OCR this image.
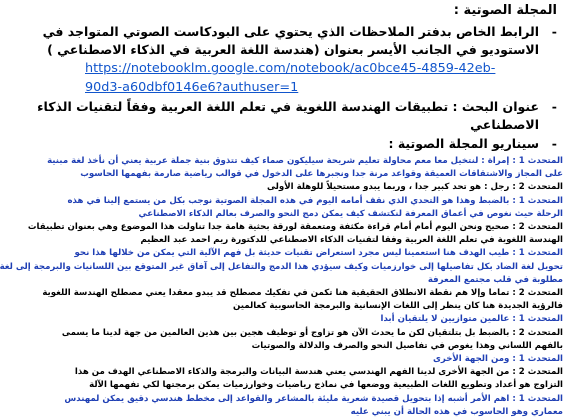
المجلة الصوتية :
-
الرابط الخاص بدفتر الملاحظات الذي يحتوي على البودكاست الصوتي المتواجد في
الاستوديو في الجانب الأيسر بعنوان (هندسة اللغة العربية في الذكاء الاصطناعي )
https://notebooklm.google.com/notebook/ac0bce45-4859-42eb-
90d3-a60dbf0146e6?authuser=1
-
عنوان البحث : تطبيقات الهندسة اللغوية في تعلم اللغة العربية وفقاً لتقنيات الذكاء
الاصطناعي
-
سيناريو المجلة الصوتية :
المتحدث 1 : إمراة : لنتخيل معا معم محاولة تعليم شريحة سيليكون صماء كيف تتذوق بنية جملة عربية يعني أن نأخذ لغة مبنية
على المجاز والاشتقاقات العميقة وقواعد مرنة جدا ونجبرها على الدخول في قوالب رياضية صارمة بفهمها الحاسوب
المتحدث 2 : رجل : هو تحد كبير جدا ، وربما يبدو مستحيلاً للوهلة الأولى
المتحدث 1 : بالضبط وهذا هو التحدي الذي نقف أمامه اليوم في هذه المجلة الصوتية نوجب بكل من يستمع إلينا في هذه
الرحلة حيث نغوص في أعماق المعرفة لنكتشف كيف يمكن دمج النحو والصرف بعالم الذكاء الاصطناعي
المتحدث 2 : صحيح ونحن اليوم أمام أمام قراءة مكثفة ومتعمقة لورقة بحثية هامة جدا تناولت هذا الموضوع وهي بعنوان تطبيقات
الهندسة اللغوية في تعلم اللغة العربية وفقا لتقنيات الذكاء الاصطناعي للدكتورة ريم احمد عبد العظيم
المتحدث 1 : طيب الهدف هنا استعمينا ليس مجرد استعراض تقنيات حديثة بل فهم الآلية التي يمكن من خلالها هذا نحو
تحويل لغة الضاد بكل تفاصيلها إلى خوارزميات وكيف سيؤدي هذا الدمج والتفاعل إلى آفاق غير المتوقع بين اللسانيات والبرمجة إلى لغة
مطلوبة في قلب مجتمع المعرفة
المتحدث 2 : تماما وإلا هم نقطة الانطلاق الحقيقية هنا تكمن في تفكيك مصطلح قد يبدو معقدا يعني مصطلح الهندسة اللغوية
فالرؤية الجديدة هنا كان ينظر إلى اللغات الإنسانية والبرمجة الحاسوبية كعالمين
المتحدث 1 : عالمين متوازيين لا يلتقيان أبدا
المتحدث 2 : بالضبط بل بتلتقيان لكن ما يحدث الآن هو تزاوج أو توظيف هجين بين هذين العالمين من جهة لدينا ما يسمى
بالفهم اللساني وهذا يغوص في تفاصيل النحو والصرف والدلالة والصوتيات
المتحدث 1 : ومن الجهة الأخرى
المتحدث 2 : من الجهة الأخرى لدينا الفهم الهندسي يعني هندسة البيانات والبرمجة والذكاء الاصطناعي الهدف من هذا
التزاوج هو أعداد وتطويع اللغات الطبيعية ووضعها في نماذج رياضيات وخوارزميات يمكن برمجتها لكي تفهمها الآلة
المتحدث 1 : اهم الأمر أشبه إذا بتحويل قصيدة شعرية مليئة بالمشاعر والقواعد إلى مخطط هندسي دقيق يمكن لمهندس
معماري وهو الحاسوب في هذه الحالة أن يبني عليه
